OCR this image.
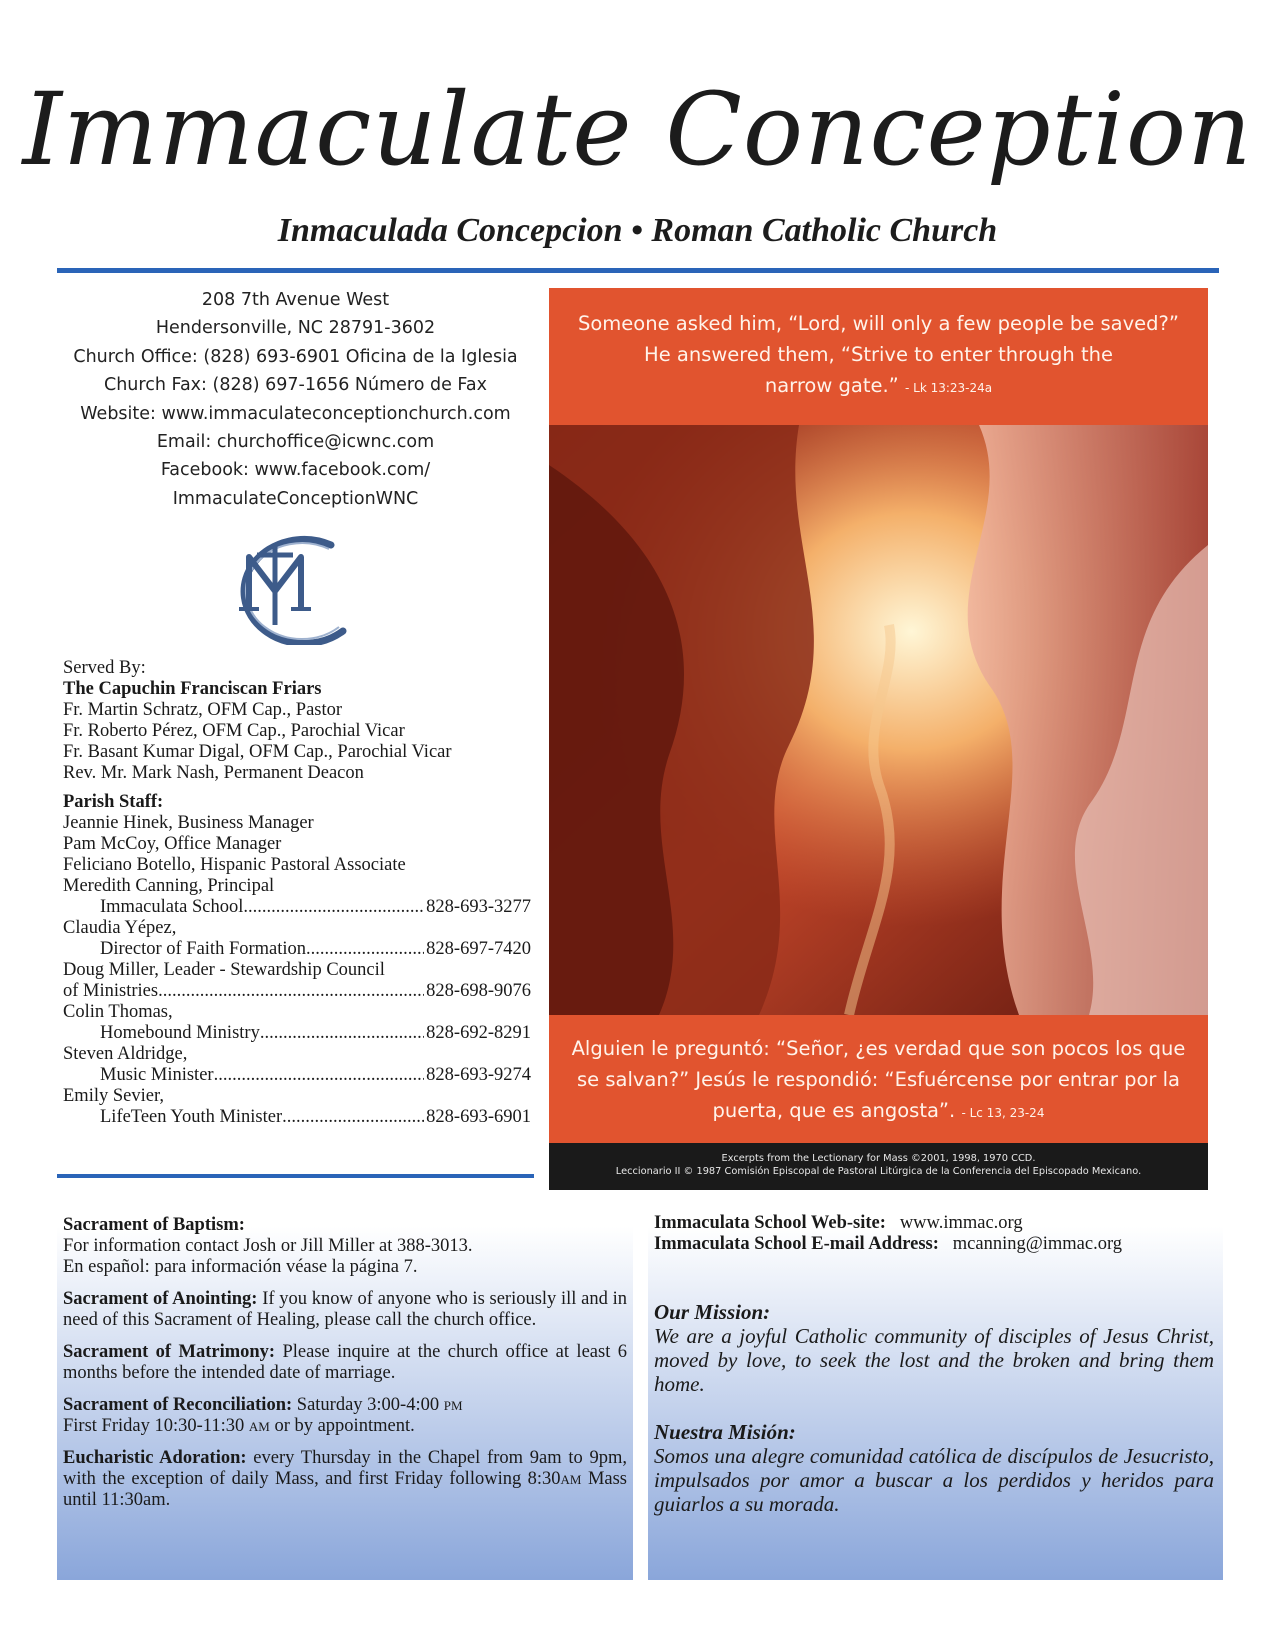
Immaculate Conception
Inmaculada Concepcion • Roman Catholic Church
208 7th Avenue West
Hendersonville, NC 28791-3602
Church Office: (828) 693-6901 Oficina de la Iglesia
Church Fax: (828) 697-1656 Número de Fax
Website: www.immaculateconceptionchurch.com
Email: churchoffice@icwnc.com
Facebook: www.facebook.com/
ImmaculateConceptionWNC
Served By:
The Capuchin Franciscan Friars
Fr. Martin Schratz, OFM Cap., Pastor
Fr. Roberto Pérez, OFM Cap., Parochial Vicar
Fr. Basant Kumar Digal, OFM Cap., Parochial Vicar
Rev. Mr. Mark Nash, Permanent Deacon
Parish Staff:
Jeannie Hinek, Business Manager
Pam McCoy, Office Manager
Feliciano Botello, Hispanic Pastoral Associate
Meredith Canning, Principal
Immaculata School .....	828-693-3277
Claudia Yépez,
Director of Faith Formation .....	828-697-7420
Doug Miller, Leader - Stewardship Council
of Ministries .....	828-698-9076
Colin Thomas,
Homebound Ministry .....	828-692-8291
Steven Aldridge,
Music Minister .....	828-693-9274
Emily Sevier,
LifeTeen Youth Minister .....	828-693-6901
Someone asked him, “Lord, will only a few people be saved?”
He answered them, “Strive to enter through the
narrow gate.” - Lk 13:23-24a
Alguien le preguntó: “Señor, ¿es verdad que son pocos los que
se salvan?” Jesús le respondió: “Esfuércense por entrar por la
puerta, que es angosta”. - Lc 13, 23-24
Excerpts from the Lectionary for Mass ©2001, 1998, 1970 CCD.
Leccionario II © 1987 Comisión Episcopal de Pastoral Litúrgica de la Conferencia del Episcopado Mexicano.

Sacrament of Baptism:
For information contact Josh or Jill Miller at 388-3013.
En español: para información véase la página 7.

Sacrament of Anointing: If you know of anyone who is seriously ill and in need of this Sacrament of Healing, please call the church office.

Sacrament of Matrimony: Please inquire at the church office at least 6 months before the intended date of marriage.

Sacrament of Reconciliation: Saturday 3:00-4:00 pm
First Friday 10:30-11:30 am or by appointment.

Eucharistic Adoration: every Thursday in the Chapel from 9am to 9pm, with the exception of daily Mass, and first Friday following 8:30am Mass until 11:30am.

Immaculata School Web-site: www.immac.org
Immaculata School E-mail Address: mcanning@immac.org

Our Mission:

We are a joyful Catholic community of disciples of Jesus Christ, moved by love, to seek the lost and the broken and bring them home.

Nuestra Misión:

Somos una alegre comunidad católica de discípulos de Jesucristo, impulsados por amor a buscar a los perdidos y heridos para guiarlos a su morada.
